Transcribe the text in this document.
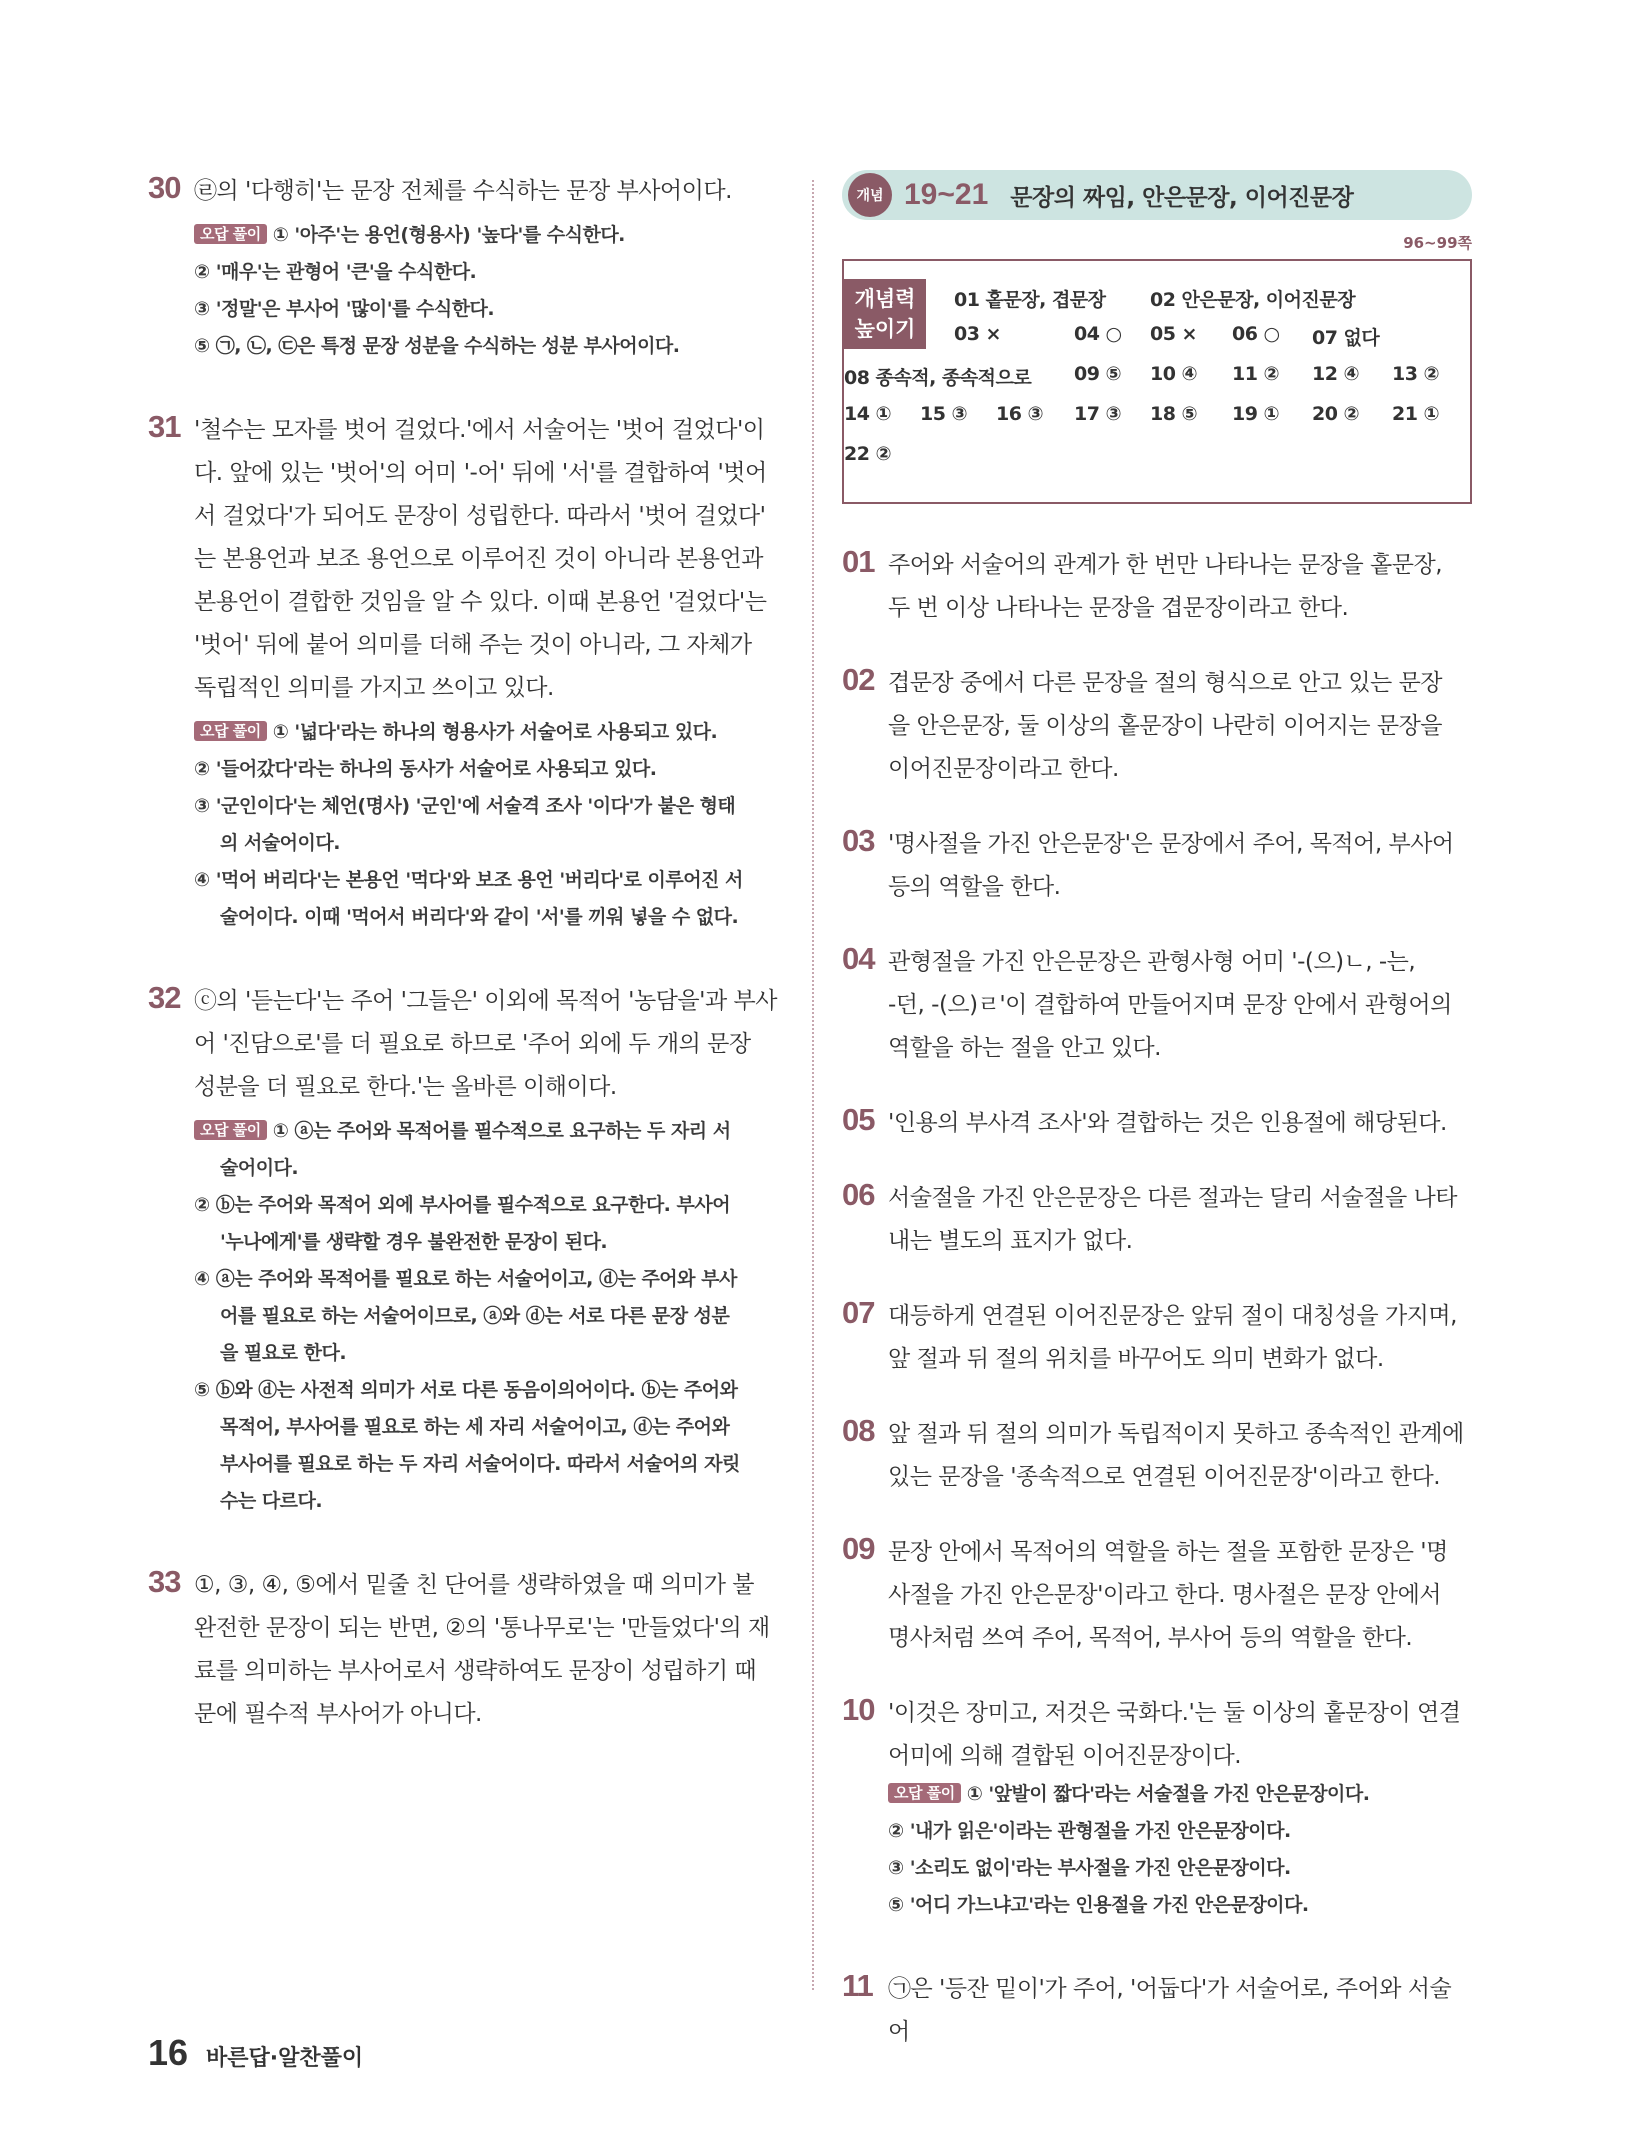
30 ㉣의 '다행히'는 문장 전체를 수식하는 문장 부사어이다.
오답 풀이 ① '아주'는 용언(형용사) '높다'를 수식한다.
② '매우'는 관형어 '큰'을 수식한다.
③ '정말'은 부사어 '많이'를 수식한다.
⑤ ㉠, ㉡, ㉢은 특정 문장 성분을 수식하는 성분 부사어이다.
31 '철수는 모자를 벗어 걸었다.'에서 서술어는 '벗어 걸었다'이
다. 앞에 있는 '벗어'의 어미 '-어' 뒤에 '서'를 결합하여 '벗어
서 걸었다'가 되어도 문장이 성립한다. 따라서 '벗어 걸었다'
는 본용언과 보조 용언으로 이루어진 것이 아니라 본용언과
본용언이 결합한 것임을 알 수 있다. 이때 본용언 '걸었다'는
'벗어' 뒤에 붙어 의미를 더해 주는 것이 아니라, 그 자체가
독립적인 의미를 가지고 쓰이고 있다.
오답 풀이 ① '넓다'라는 하나의 형용사가 서술어로 사용되고 있다.
② '들어갔다'라는 하나의 동사가 서술어로 사용되고 있다.
③ '군인이다'는 체언(명사) '군인'에 서술격 조사 '이다'가 붙은 형태
의 서술어이다.
④ '먹어 버리다'는 본용언 '먹다'와 보조 용언 '버리다'로 이루어진 서
술어이다. 이때 '먹어서 버리다'와 같이 '서'를 끼워 넣을 수 없다.
32 ⓒ의 '듣는다'는 주어 '그들은' 이외에 목적어 '농담을'과 부사
어 '진담으로'를 더 필요로 하므로 '주어 외에 두 개의 문장
성분을 더 필요로 한다.'는 올바른 이해이다.
오답 풀이 ① ⓐ는 주어와 목적어를 필수적으로 요구하는 두 자리 서
술어이다.
② ⓑ는 주어와 목적어 외에 부사어를 필수적으로 요구한다. 부사어
'누나에게'를 생략할 경우 불완전한 문장이 된다.
④ ⓐ는 주어와 목적어를 필요로 하는 서술어이고, ⓓ는 주어와 부사
어를 필요로 하는 서술어이므로, ⓐ와 ⓓ는 서로 다른 문장 성분
을 필요로 한다.
⑤ ⓑ와 ⓓ는 사전적 의미가 서로 다른 동음이의어이다. ⓑ는 주어와
목적어, 부사어를 필요로 하는 세 자리 서술어이고, ⓓ는 주어와
부사어를 필요로 하는 두 자리 서술어이다. 따라서 서술어의 자릿
수는 다르다.
33 ①, ③, ④, ⑤에서 밑줄 친 단어를 생략하였을 때 의미가 불
완전한 문장이 되는 반면, ②의 '통나무로'는 '만들었다'의 재
료를 의미하는 부사어로서 생략하여도 문장이 성립하기 때
문에 필수적 부사어가 아니다.
개념 19~21 문장의 짜임, 안은문장, 이어진문장
96~99쪽
개념력
높이기
01 홑문장, 겹문장 02 안은문장, 이어진문장
03 ×	04 ○ 05 × 06 ○ 07 없다
08 종속적, 종속적으로 09 ⑤ 10 ④ 11 ② 12 ④ 13 ②
14 ① 15 ③ 16 ③ 17 ③ 18 ⑤ 19 ① 20 ② 21 ①
22 ②
01 주어와 서술어의 관계가 한 번만 나타나는 문장을 홑문장,
두 번 이상 나타나는 문장을 겹문장이라고 한다.
02 겹문장 중에서 다른 문장을 절의 형식으로 안고 있는 문장
을 안은문장, 둘 이상의 홑문장이 나란히 이어지는 문장을
이어진문장이라고 한다.
03 '명사절을 가진 안은문장'은 문장에서 주어, 목적어, 부사어
등의 역할을 한다.
04 관형절을 가진 안은문장은 관형사형 어미 '-(으)ㄴ, -는,
-던, -(으)ㄹ'이 결합하여 만들어지며 문장 안에서 관형어의
역할을 하는 절을 안고 있다.
05 '인용의 부사격 조사'와 결합하는 것은 인용절에 해당된다.
06 서술절을 가진 안은문장은 다른 절과는 달리 서술절을 나타
내는 별도의 표지가 없다.
07 대등하게 연결된 이어진문장은 앞뒤 절이 대칭성을 가지며,
앞 절과 뒤 절의 위치를 바꾸어도 의미 변화가 없다.
08 앞 절과 뒤 절의 의미가 독립적이지 못하고 종속적인 관계에
있는 문장을 '종속적으로 연결된 이어진문장'이라고 한다.
09 문장 안에서 목적어의 역할을 하는 절을 포함한 문장은 '명
사절을 가진 안은문장'이라고 한다. 명사절은 문장 안에서
명사처럼 쓰여 주어, 목적어, 부사어 등의 역할을 한다.
10 '이것은 장미고, 저것은 국화다.'는 둘 이상의 홑문장이 연결
어미에 의해 결합된 이어진문장이다.
오답 풀이 ① '앞발이 짧다'라는 서술절을 가진 안은문장이다.
② '내가 읽은'이라는 관형절을 가진 안은문장이다.
③ '소리도 없이'라는 부사절을 가진 안은문장이다.
⑤ '어디 가느냐고'라는 인용절을 가진 안은문장이다.
11 ㉠은 '등잔 밑이'가 주어, '어둡다'가 서술어로, 주어와 서술어
16 바른답·알찬풀이
